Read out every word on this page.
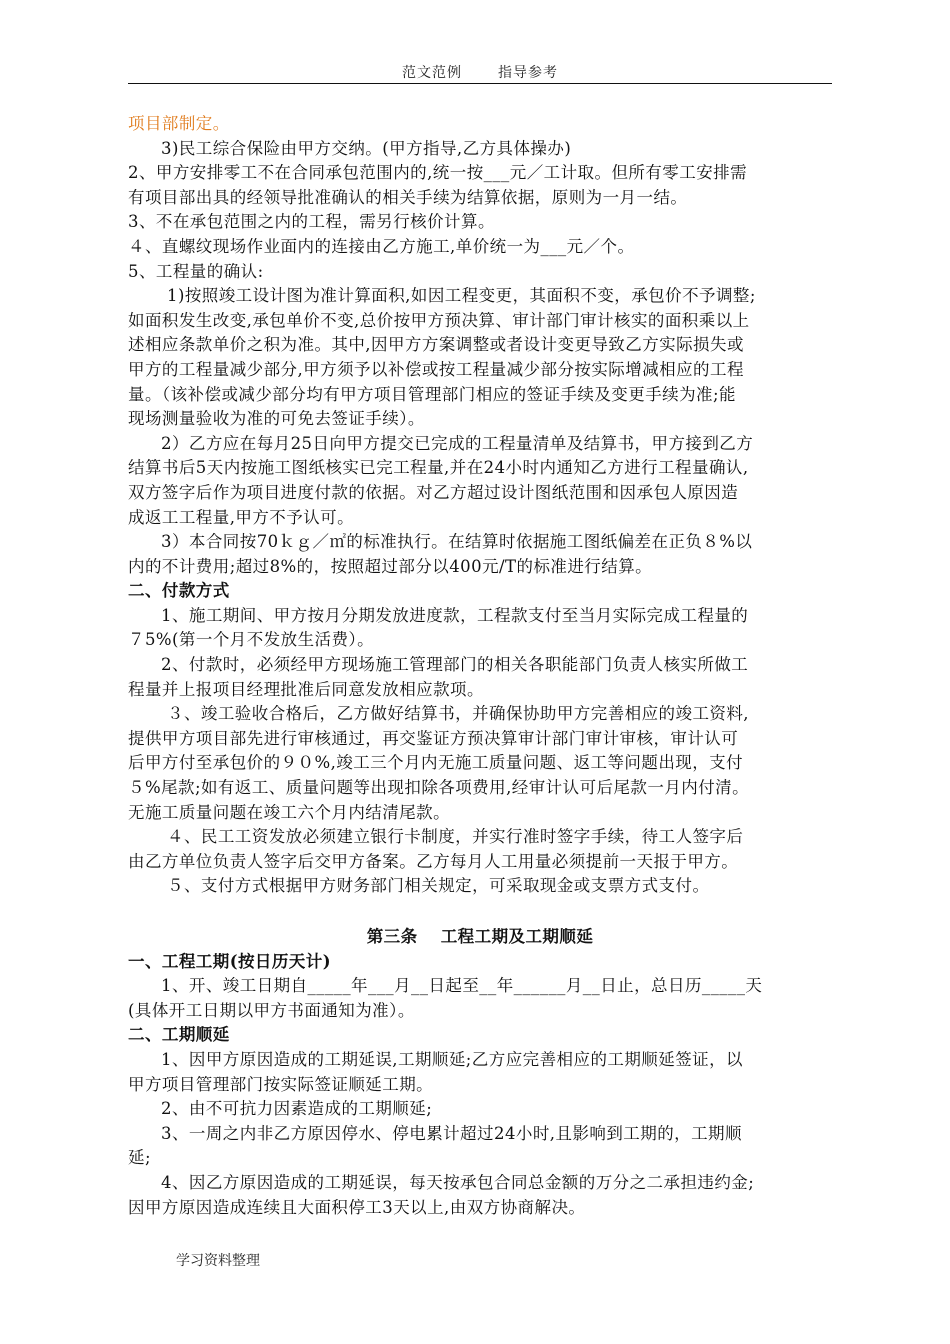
范文范例	指导参考
项目部制定。
3)民工综合保险由甲方交纳。(甲方指导,乙方具体操办)
2、甲方安排零工不在合同承包范围内的,统一按___元／工计取。但所有零工安排需
有项目部出具的经领导批准确认的相关手续为结算依据，原则为一月一结。
3、不在承包范围之内的工程，需另行核价计算。
４、直螺纹现场作业面内的连接由乙方施工,单价统一为___元／个。
5、工程量的确认:
1)按照竣工设计图为准计算面积,如因工程变更，其面积不变，承包价不予调整;
如面积发生改变,承包单价不变,总价按甲方预决算、审计部门审计核实的面积乘以上
述相应条款单价之积为准。其中,因甲方方案调整或者设计变更导致乙方实际损失或
甲方的工程量减少部分,甲方须予以补偿或按工程量减少部分按实际增减相应的工程
量。（该补偿或减少部分均有甲方项目管理部门相应的签证手续及变更手续为准;能
现场测量验收为准的可免去签证手续）。
2）乙方应在每月25日向甲方提交已完成的工程量清单及结算书，甲方接到乙方
结算书后5天内按施工图纸核实已完工程量,并在24小时内通知乙方进行工程量确认,
双方签字后作为项目进度付款的依据。对乙方超过设计图纸范围和因承包人原因造
成返工工程量,甲方不予认可。
3）本合同按70ｋｇ／㎡的标准执行。在结算时依据施工图纸偏差在正负８%以
内的不计费用;超过8%的，按照超过部分以400元/T的标准进行结算。
二、付款方式
1、施工期间、甲方按月分期发放进度款，工程款支付至当月实际完成工程量的
７5%(第一个月不发放生活费）。
2、付款时，必须经甲方现场施工管理部门的相关各职能部门负责人核实所做工
程量并上报项目经理批准后同意发放相应款项。
３、竣工验收合格后，乙方做好结算书，并确保协助甲方完善相应的竣工资料,
提供甲方项目部先进行审核通过，再交鉴证方预决算审计部门审计审核，审计认可
后甲方付至承包价的９０%,竣工三个月内无施工质量问题、返工等问题出现，支付
５%尾款;如有返工、质量问题等出现扣除各项费用,经审计认可后尾款一月内付清。
无施工质量问题在竣工六个月内结清尾款。
４、民工工资发放必须建立银行卡制度，并实行准时签字手续，待工人签字后
由乙方单位负责人签字后交甲方备案。乙方每月人工用量必须提前一天报于甲方。
５、支付方式根据甲方财务部门相关规定，可采取现金或支票方式支付。
第三条　 工程工期及工期顺延
一、工程工期(按日历天计)
1、开、竣工日期自_____年___月__日起至__年______月__日止，总日历_____天
(具体开工日期以甲方书面通知为准）。
二、工期顺延
1、因甲方原因造成的工期延误,工期顺延;乙方应完善相应的工期顺延签证，以
甲方项目管理部门按实际签证顺延工期。
2、由不可抗力因素造成的工期顺延;
3、一周之内非乙方原因停水、停电累计超过24小时,且影响到工期的，工期顺
延;
4、因乙方原因造成的工期延误，每天按承包合同总金额的万分之二承担违约金;
因甲方原因造成连续且大面积停工3天以上,由双方协商解决。
学习资料整理
